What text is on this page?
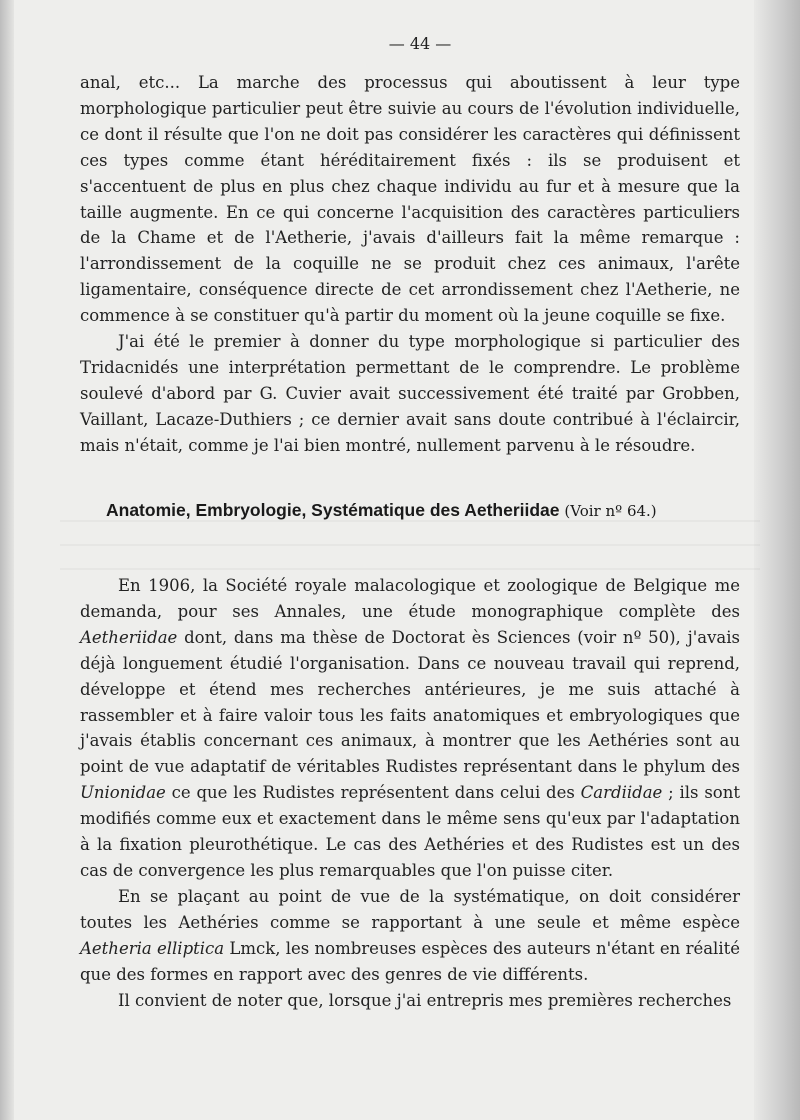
— 44 —

anal, etc... La marche des processus qui aboutissent à leur type morphologique particulier peut être suivie au cours de l'évolution individuelle, ce dont il résulte que l'on ne doit pas considérer les caractères qui définissent ces types comme étant héréditairement fixés : ils se produisent et s'accentuent de plus en plus chez chaque individu au fur et à mesure que la taille augmente. En ce qui concerne l'acquisition des caractères particuliers de la Chame et de l'Aetherie, j'avais d'ailleurs fait la même remarque : l'arrondissement de la coquille ne se produit chez ces animaux, l'arête ligamentaire, conséquence directe de cet arrondissement chez l'Aetherie, ne commence à se constituer qu'à partir du moment où la jeune coquille se fixe.

J'ai été le premier à donner du type morphologique si particulier des Tridacnidés une interprétation permettant de le comprendre. Le problème soulevé d'abord par G. Cuvier avait successivement été traité par Grobben, Vaillant, Lacaze-Duthiers ; ce dernier avait sans doute contribué à l'éclaircir, mais n'était, comme je l'ai bien montré, nullement parvenu à le résoudre.

Anatomie, Embryologie, Systématique des Aetheriidae (Voir nº 64.)

En 1906, la Société royale malacologique et zoologique de Belgique me demanda, pour ses Annales, une étude monographique complète des Aetheriidae dont, dans ma thèse de Doctorat ès Sciences (voir nº 50), j'avais déjà longuement étudié l'organisation. Dans ce nouveau travail qui reprend, développe et étend mes recherches antérieures, je me suis attaché à rassembler et à faire valoir tous les faits anatomiques et embryologiques que j'avais établis concernant ces animaux, à montrer que les Aethéries sont au point de vue adaptatif de véritables Rudistes représentant dans le phylum des Unionidae ce que les Rudistes représentent dans celui des Cardiidae ; ils sont modifiés comme eux et exactement dans le même sens qu'eux par l'adaptation à la fixation pleurothétique. Le cas des Aethéries et des Rudistes est un des cas de convergence les plus remarquables que l'on puisse citer.

En se plaçant au point de vue de la systématique, on doit considérer toutes les Aethéries comme se rapportant à une seule et même espèce Aetheria elliptica Lmck, les nombreuses espèces des auteurs n'étant en réalité que des formes en rapport avec des genres de vie différents.

Il convient de noter que, lorsque j'ai entrepris mes premières recherches
